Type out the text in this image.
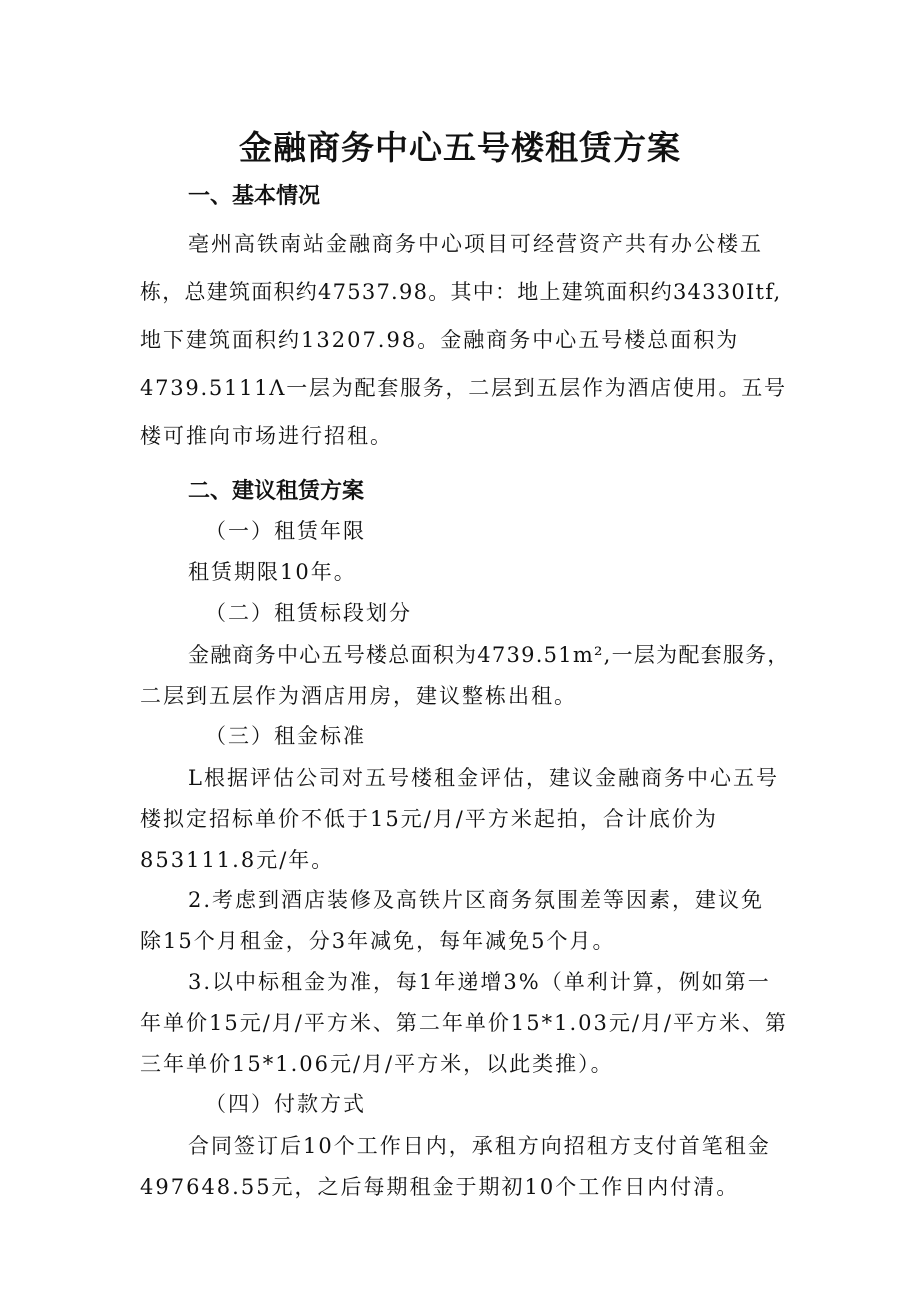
金融商务中心五号楼租赁方案
一、基本情况
亳州高铁南站金融商务中心项目可经营资产共有办公楼五
栋，总建筑面积约47537.98。其中：地上建筑面积约34330Itf,
地下建筑面积约13207.98。金融商务中心五号楼总面积为
4739.5111Λ一层为配套服务，二层到五层作为酒店使用。五号
楼可推向市场进行招租。
二、建议租赁方案
（一）租赁年限
租赁期限10年。
（二）租赁标段划分
金融商务中心五号楼总面积为4739.51m²,一层为配套服务，
二层到五层作为酒店用房，建议整栋出租。
（三）租金标准
L根据评估公司对五号楼租金评估，建议金融商务中心五号
楼拟定招标单价不低于15元/月/平方米起拍，合计底价为
853111.8元/年。
2.考虑到酒店装修及高铁片区商务氛围差等因素，建议免
除15个月租金，分3年减免，每年减免5个月。
3.以中标租金为准，每1年递增3%（单利计算，例如第一
年单价15元/月/平方米、第二年单价15*1.03元/月/平方米、第
三年单价15*1.06元/月/平方米，以此类推）。
（四）付款方式
合同签订后10个工作日内，承租方向招租方支付首笔租金
497648.55元，之后每期租金于期初10个工作日内付清。
